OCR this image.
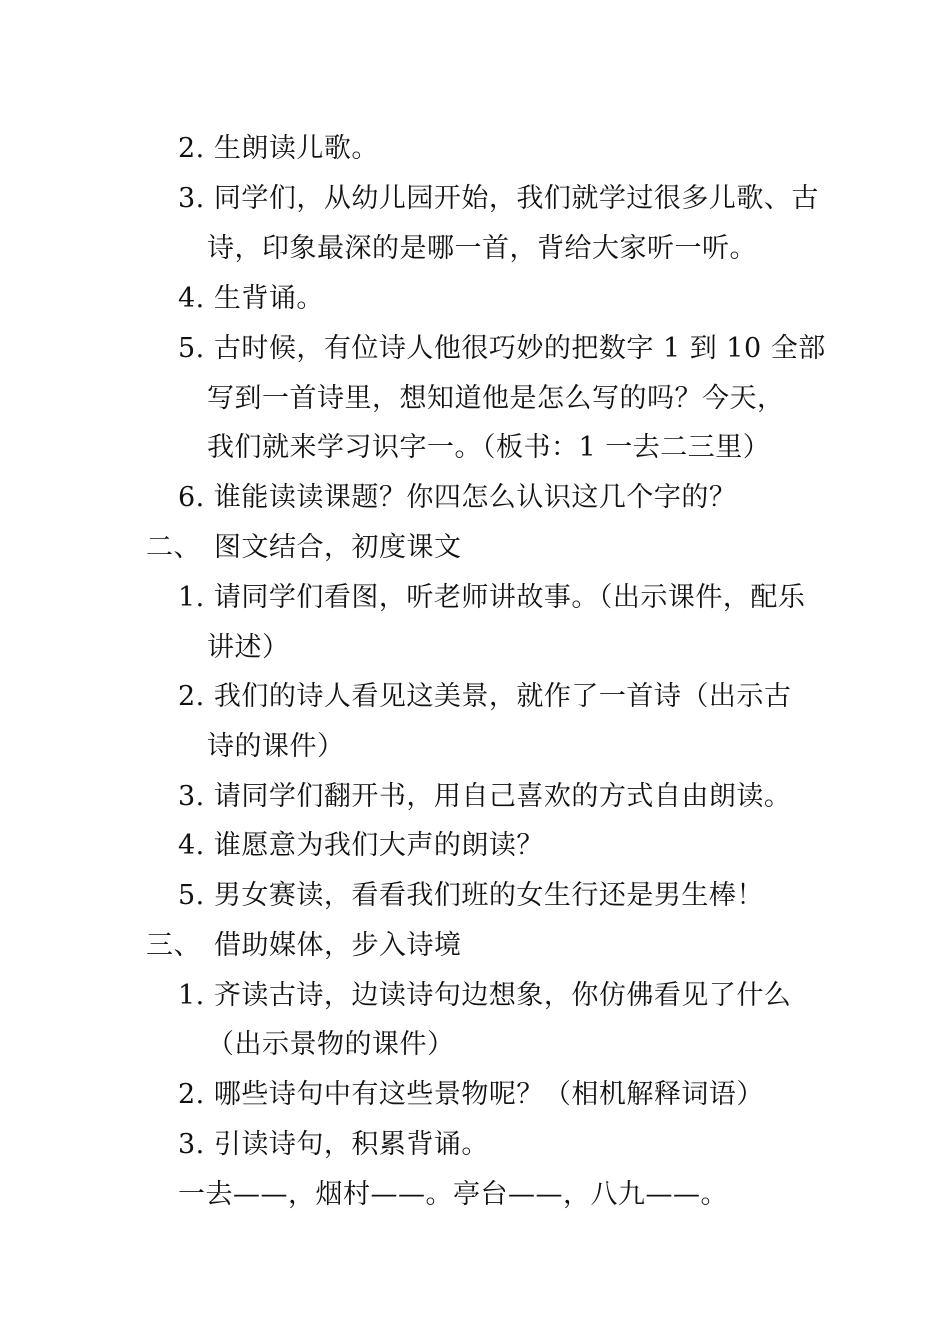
2. 生朗读儿歌。
3. 同学们，从幼儿园开始，我们就学过很多儿歌、古
诗，印象最深的是哪一首，背给大家听一听。
4. 生背诵。
5. 古时候，有位诗人他很巧妙的把数字 1 到 10 全部
写到一首诗里，想知道他是怎么写的吗？今天，
我们就来学习识字一。（板书：1 一去二三里）
6. 谁能读读课题？你四怎么认识这几个字的？
二、 图文结合，初度课文
1. 请同学们看图，听老师讲故事。（出示课件，配乐
讲述）
2. 我们的诗人看见这美景，就作了一首诗（出示古
诗的课件）
3. 请同学们翻开书，用自己喜欢的方式自由朗读。
4. 谁愿意为我们大声的朗读？
5. 男女赛读，看看我们班的女生行还是男生棒！
三、 借助媒体，步入诗境
1. 齐读古诗，边读诗句边想象，你仿佛看见了什么
（出示景物的课件）
2. 哪些诗句中有这些景物呢？（相机解释词语）
3. 引读诗句，积累背诵。
一去——，烟村——。亭台——，八九——。
